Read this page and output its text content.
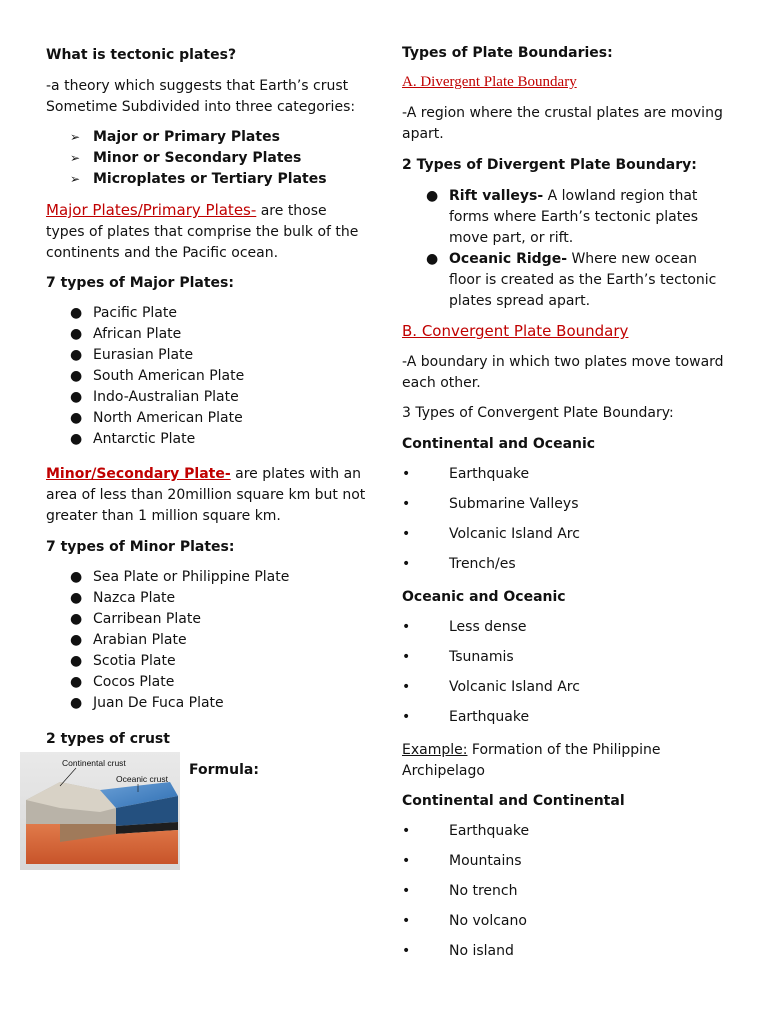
What is tectonic plates?

-a theory which suggests that Earth’s crust Sometime Subdivided into three categories:

➢ Major or Primary Plates
➢ Minor or Secondary Plates
➢ Microplates or Tertiary Plates

Major Plates/Primary Plates- are those types of plates that comprise the bulk of the continents and the Pacific ocean.

7 types of Major Plates:

● Pacific Plate
● African Plate
● Eurasian Plate
● South American Plate
● Indo-Australian Plate
● North American Plate
● Antarctic Plate

Minor/Secondary Plate- are plates with an area of less than 20million square km but not greater than 1 million square km.

7 types of Minor Plates:

● Sea Plate or Philippine Plate
● Nazca Plate
● Carribean Plate
● Arabian Plate
● Scotia Plate
● Cocos Plate
● Juan De Fuca Plate

2 types of crust

Continental crust
Oceanic crust

Formula:

Types of Plate Boundaries:

A. Divergent Plate Boundary

-A region where the crustal plates are moving apart.

2 Types of Divergent Plate Boundary:

● Rift valleys- A lowland region that forms where Earth’s tectonic plates move part, or rift.
● Oceanic Ridge- Where new ocean floor is created as the Earth’s tectonic plates spread apart.

B. Convergent Plate Boundary

-A boundary in which two plates move toward each other.

3 Types of Convergent Plate Boundary:

Continental and Oceanic

•	Earthquake
•	Submarine Valleys
•	Volcanic Island Arc
•	Trench/es

Oceanic and Oceanic

•	Less dense
•	Tsunamis
•	Volcanic Island Arc
•	Earthquake

Example: Formation of the Philippine Archipelago

Continental and Continental

•	Earthquake
•	Mountains
•	No trench
•	No volcano
•	No island
